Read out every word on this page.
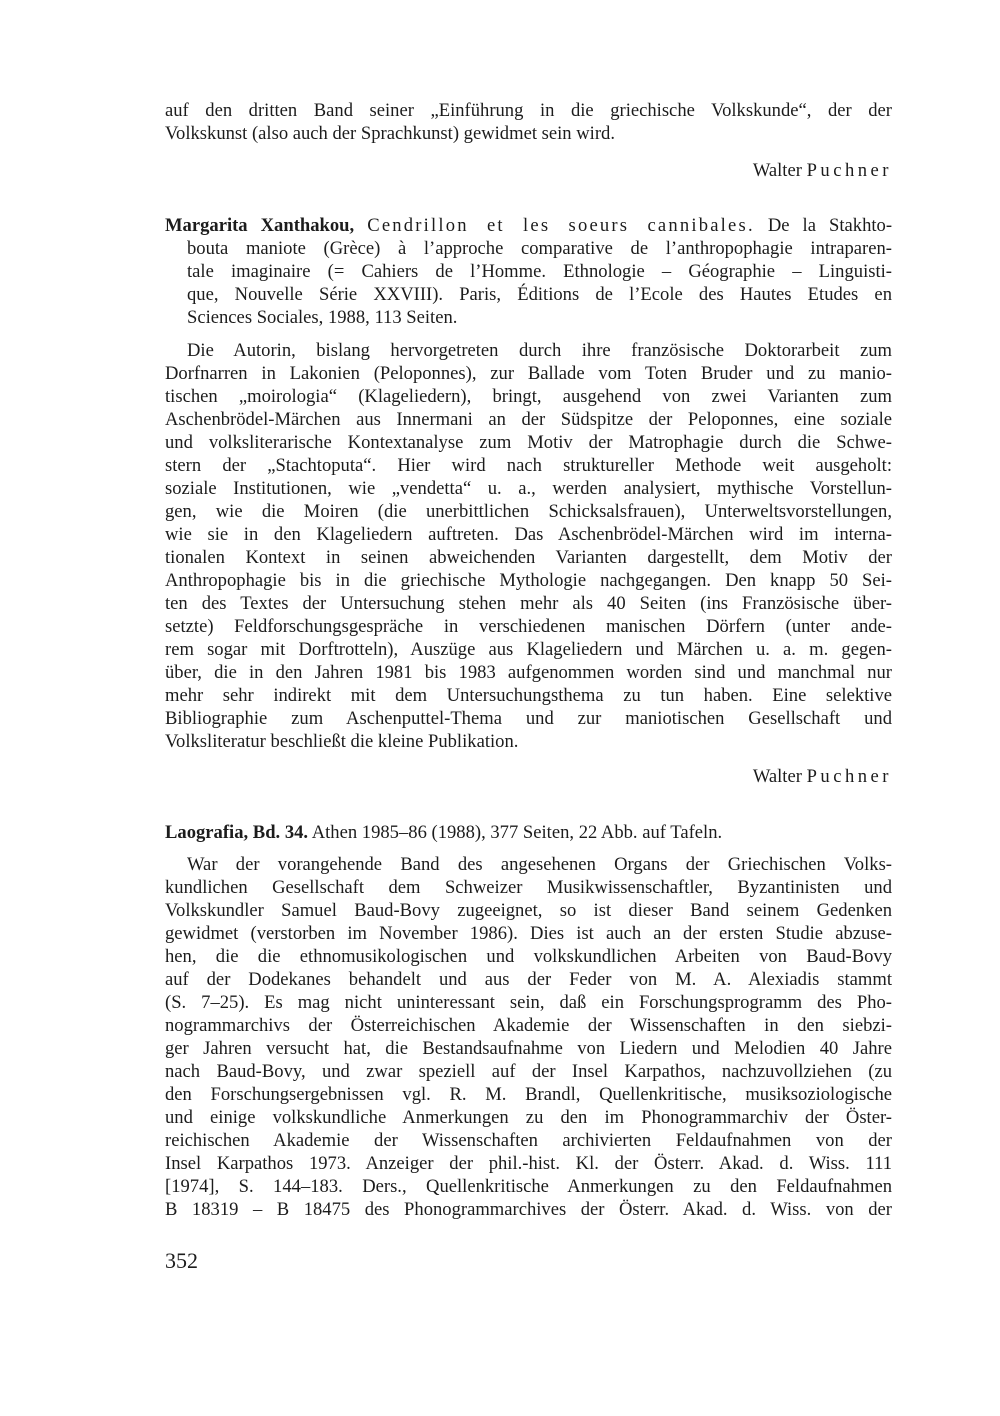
auf den dritten Band seiner „Einführung in die griechische Volkskunde“, der der
Volkskunst (also auch der Sprachkunst) gewidmet sein wird.
Walter Puchner
Margarita Xanthakou, Cendrillon et les soeurs cannibales. De la Stakhto-
bouta maniote (Grèce) à l’approche comparative de l’anthropophagie intraparen-
tale imaginaire (= Cahiers de l’Homme. Ethnologie – Géographie – Linguisti-
que, Nouvelle Série XXVIII). Paris, Éditions de l’Ecole des Hautes Etudes en
Sciences Sociales, 1988, 113 Seiten.
Die Autorin, bislang hervorgetreten durch ihre französische Doktorarbeit zum
Dorfnarren in Lakonien (Peloponnes), zur Ballade vom Toten Bruder und zu manio-
tischen „moirologia“ (Klageliedern), bringt, ausgehend von zwei Varianten zum
Aschenbrödel-Märchen aus Innermani an der Südspitze der Peloponnes, eine soziale
und volksliterarische Kontextanalyse zum Motiv der Matrophagie durch die Schwe-
stern der „Stachtoputa“. Hier wird nach struktureller Methode weit ausgeholt:
soziale Institutionen, wie „vendetta“ u. a., werden analysiert, mythische Vorstellun-
gen, wie die Moiren (die unerbittlichen Schicksalsfrauen), Unterweltsvorstellungen,
wie sie in den Klageliedern auftreten. Das Aschenbrödel-Märchen wird im interna-
tionalen Kontext in seinen abweichenden Varianten dargestellt, dem Motiv der
Anthropophagie bis in die griechische Mythologie nachgegangen. Den knapp 50 Sei-
ten des Textes der Untersuchung stehen mehr als 40 Seiten (ins Französische über-
setzte) Feldforschungsgespräche in verschiedenen manischen Dörfern (unter ande-
rem sogar mit Dorftrotteln), Auszüge aus Klageliedern und Märchen u. a. m. gegen-
über, die in den Jahren 1981 bis 1983 aufgenommen worden sind und manchmal nur
mehr sehr indirekt mit dem Untersuchungsthema zu tun haben. Eine selektive
Bibliographie zum Aschenputtel-Thema und zur maniotischen Gesellschaft und
Volksliteratur beschließt die kleine Publikation.
Walter Puchner
Laografia, Bd. 34. Athen 1985–86 (1988), 377 Seiten, 22 Abb. auf Tafeln.
War der vorangehende Band des angesehenen Organs der Griechischen Volks-
kundlichen Gesellschaft dem Schweizer Musikwissenschaftler, Byzantinisten und
Volkskundler Samuel Baud-Bovy zugeeignet, so ist dieser Band seinem Gedenken
gewidmet (verstorben im November 1986). Dies ist auch an der ersten Studie abzuse-
hen, die die ethnomusikologischen und volkskundlichen Arbeiten von Baud-Bovy
auf der Dodekanes behandelt und aus der Feder von M. A. Alexiadis stammt
(S. 7–25). Es mag nicht uninteressant sein, daß ein Forschungsprogramm des Pho-
nogrammarchivs der Österreichischen Akademie der Wissenschaften in den siebzi-
ger Jahren versucht hat, die Bestandsaufnahme von Liedern und Melodien 40 Jahre
nach Baud-Bovy, und zwar speziell auf der Insel Karpathos, nachzuvollziehen (zu
den Forschungsergebnissen vgl. R. M. Brandl, Quellenkritische, musiksoziologische
und einige volkskundliche Anmerkungen zu den im Phonogrammarchiv der Öster-
reichischen Akademie der Wissenschaften archivierten Feldaufnahmen von der
Insel Karpathos 1973. Anzeiger der phil.-hist. Kl. der Österr. Akad. d. Wiss. 111
[1974], S. 144–183. Ders., Quellenkritische Anmerkungen zu den Feldaufnahmen
B 18319 – B 18475 des Phonogrammarchives der Österr. Akad. d. Wiss. von der
352
